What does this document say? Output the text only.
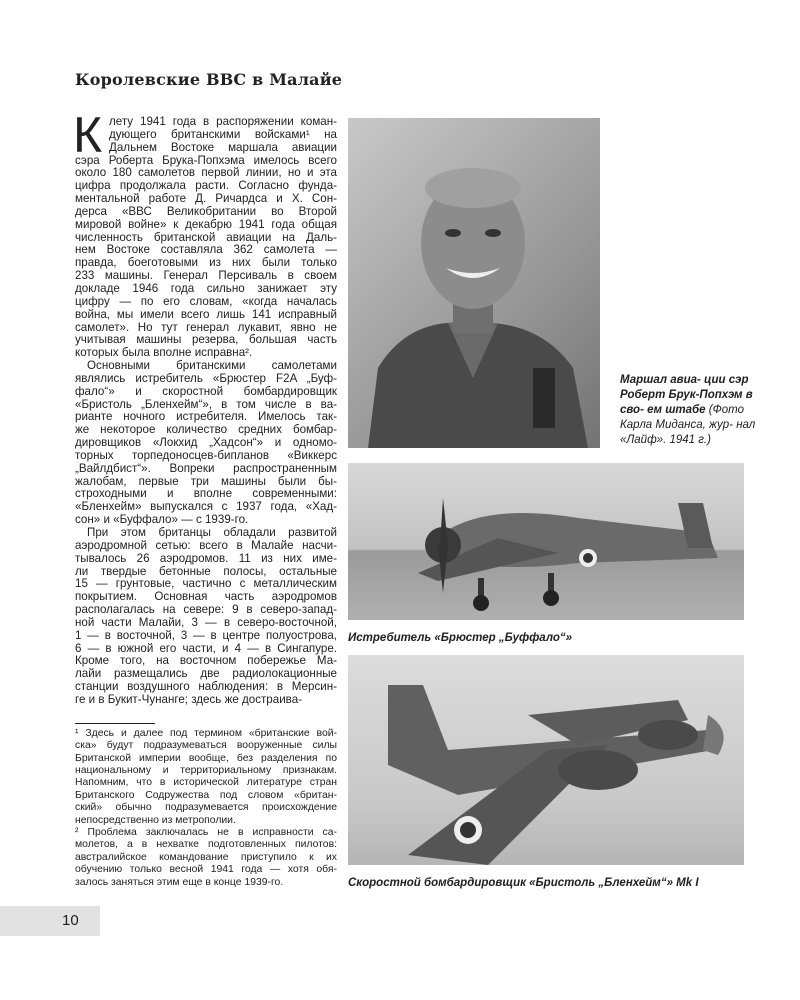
Королевские ВВС в Малайе
К лету 1941 года в распоряжении коман-
дующего британскими войсками¹ на
Дальнем Востоке маршала авиации
сэра Роберта Брука-Попхэма имелось всего
около 180 самолетов первой линии, но и эта
цифра продолжала расти. Согласно фунда-
ментальной работе Д. Ричардса и Х. Сон-
дерса «ВВС Великобритании во Второй
мировой войне» к декабрю 1941 года общая
численность британской авиации на Даль-
нем Востоке составляла 362 самолета —
правда, боеготовыми из них были только
233 машины. Генерал Персиваль в своем
докладе 1946 года сильно занижает эту
цифру — по его словам, «когда началась
война, мы имели всего лишь 141 исправный
самолет». Но тут генерал лукавит, явно не
учитывая машины резерва, большая часть
которых была вполне исправна².
Основными британскими самолетами
являлись истребитель «Брюстер F2A „Буф-
фало“» и скоростной бомбардировщик
«Бристоль „Бленхейм“», в том числе в ва-
рианте ночного истребителя. Имелось так-
же некоторое количество средних бомбар-
дировщиков «Локхид „Хадсон“» и одномо-
торных торпедоносцев-бипланов «Виккерс
„Вайлдбист“». Вопреки распространенным
жалобам, первые три машины были бы-
строходными и вполне современными:
«Бленхейм» выпускался с 1937 года, «Хад-
сон» и «Буффало» — с 1939-го.
При этом британцы обладали развитой
аэродромной сетью: всего в Малайе насчи-
тывалось 26 аэродромов. 11 из них име-
ли твердые бетонные полосы, остальные
15 — грунтовые, частично с металлическим
покрытием. Основная часть аэродромов
располагалась на севере: 9 в северо-запад-
ной части Малайи, 3 — в северо-восточной,
1 — в восточной, 3 — в центре полуострова,
6 — в южной его части, и 4 — в Сингапуре.
Кроме того, на восточном побережье Ма-
лайи размещались две радиолокационные
станции воздушного наблюдения: в Мерсин-
ге и в Букит-Чунанге; здесь же достраива-
¹ Здесь и далее под термином «британские вой-
ска» будут подразумеваться вооруженные силы
Британской империи вообще, без разделения по
национальному и территориальному признакам.
Напомним, что в исторической литературе стран
Британского Содружества под словом «британ-
ский» обычно подразумевается происхождение
непосредственно из метрополии.
² Проблема заключалась не в исправности са-
молетов, а в нехватке подготовленных пилотов:
австралийское командование приступило к их
обучению только весной 1941 года — хотя обя-
залось заняться этим еще в конце 1939-го.
Маршал авиа- ции сэр Роберт Брук-Попхэм в сво- ем штабе (Фото Карла Миданса, жур- нал «Лайф». 1941 г.)
Истребитель «Брюстер „Буффало“»
Скоростной бомбардировщик «Бристоль „Бленхейм“» Mk I
10
